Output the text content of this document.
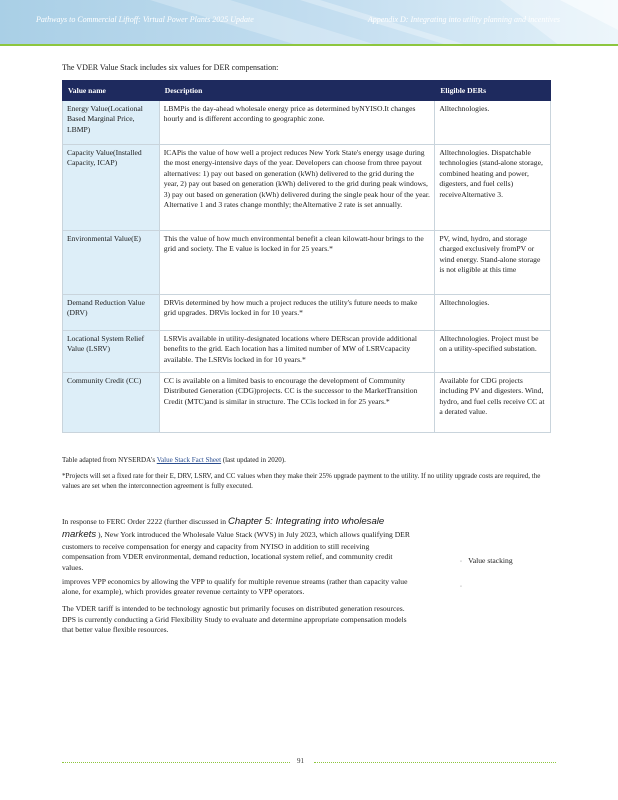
Pathways to Commercial Liftoff: Virtual Power Plants 2025 Update	Appendix D: Integrating into utility planning and incentives
The VDER Value Stack includes six values for DER compensation:
Value name	Description	Eligible DERs
Energy Value(Locational Based Marginal Price, LBMP)	LBMPis the day-ahead wholesale energy price as determined byNYISO.It changes hourly and is different according to geographic zone.	Alltechnologies.
Capacity Value(Installed Capacity, ICAP)	ICAPis the value of how well a project reduces New York State's energy usage during the most energy-intensive days of the year. Developers can choose from three payout alternatives: 1) pay out based on generation (kWh) delivered to the grid during the year, 2) pay out based on generation (kWh) delivered to the grid during peak windows, 3) pay out based on generation (kWh) delivered during the single peak hour of the year. Alternative 1 and 3 rates change monthly; theAlternative 2 rate is set annually.	Alltechnologies. Dispatchable technologies (stand-alone storage, combined heating and power, digesters, and fuel cells) receiveAlternative 3.
Environmental Value(E)	This the value of how much environmental benefit a clean kilowatt-hour brings to the grid and society. The E value is locked in for 25 years.*	PV, wind, hydro, and storage charged exclusively fromPV or wind energy. Stand-alone storage is not eligible at this time
Demand Reduction Value (DRV)	DRVis determined by how much a project reduces the utility's future needs to make grid upgrades. DRVis locked in for 10 years.*	Alltechnologies.
Locational System Relief Value (LSRV)	LSRVis available in utility-designated locations where DERscan provide additional benefits to the grid. Each location has a limited number of MW of LSRVcapacity available. The LSRVis locked in for 10 years.*	Alltechnologies. Project must be on a utility-specified substation.
Community Credit (CC)	CC is available on a limited basis to encourage the development of Community Distributed Generation (CDG)projects. CC is the successor to the MarketTransition Credit (MTC)and is similar in structure. The CCis locked in for 25 years.*	Available for CDG projects including PV and digesters. Wind, hydro, and fuel cells receive CC at a derated value.

Table adapted from NYSERDA's Value Stack Fact Sheet (last updated in 2020).

*Projects will set a fixed rate for their E, DRV, LSRV, and CC values when they make their 25% upgrade payment to the utility. If no utility upgrade costs are required, the values are set when the interconnection agreement is fully executed.

In response to FERC Order 2222 (further discussed in Chapter 5: Integrating into wholesale markets ), New York introduced the Wholesale Value Stack (WVS) in July 2023, which allows qualifying DER customers to receive compensation for energy and capacity from NYISO in addition to still receiving compensation from VDER environmental, demand reduction, locational system relief, and community credit values.

improves VPP economics by allowing the VPP to qualify for multiple revenue streams (rather than capacity value alone, for example), which provides greater revenue certainty to VPP operators.

The VDER tariff is intended to be technology agnostic but primarily focuses on distributed generation resources. DPS is currently conducting a Grid Flexibility Study to evaluate and determine appropriate compensation models that better value flexible resources.

◦ Value stacking
◦
91
